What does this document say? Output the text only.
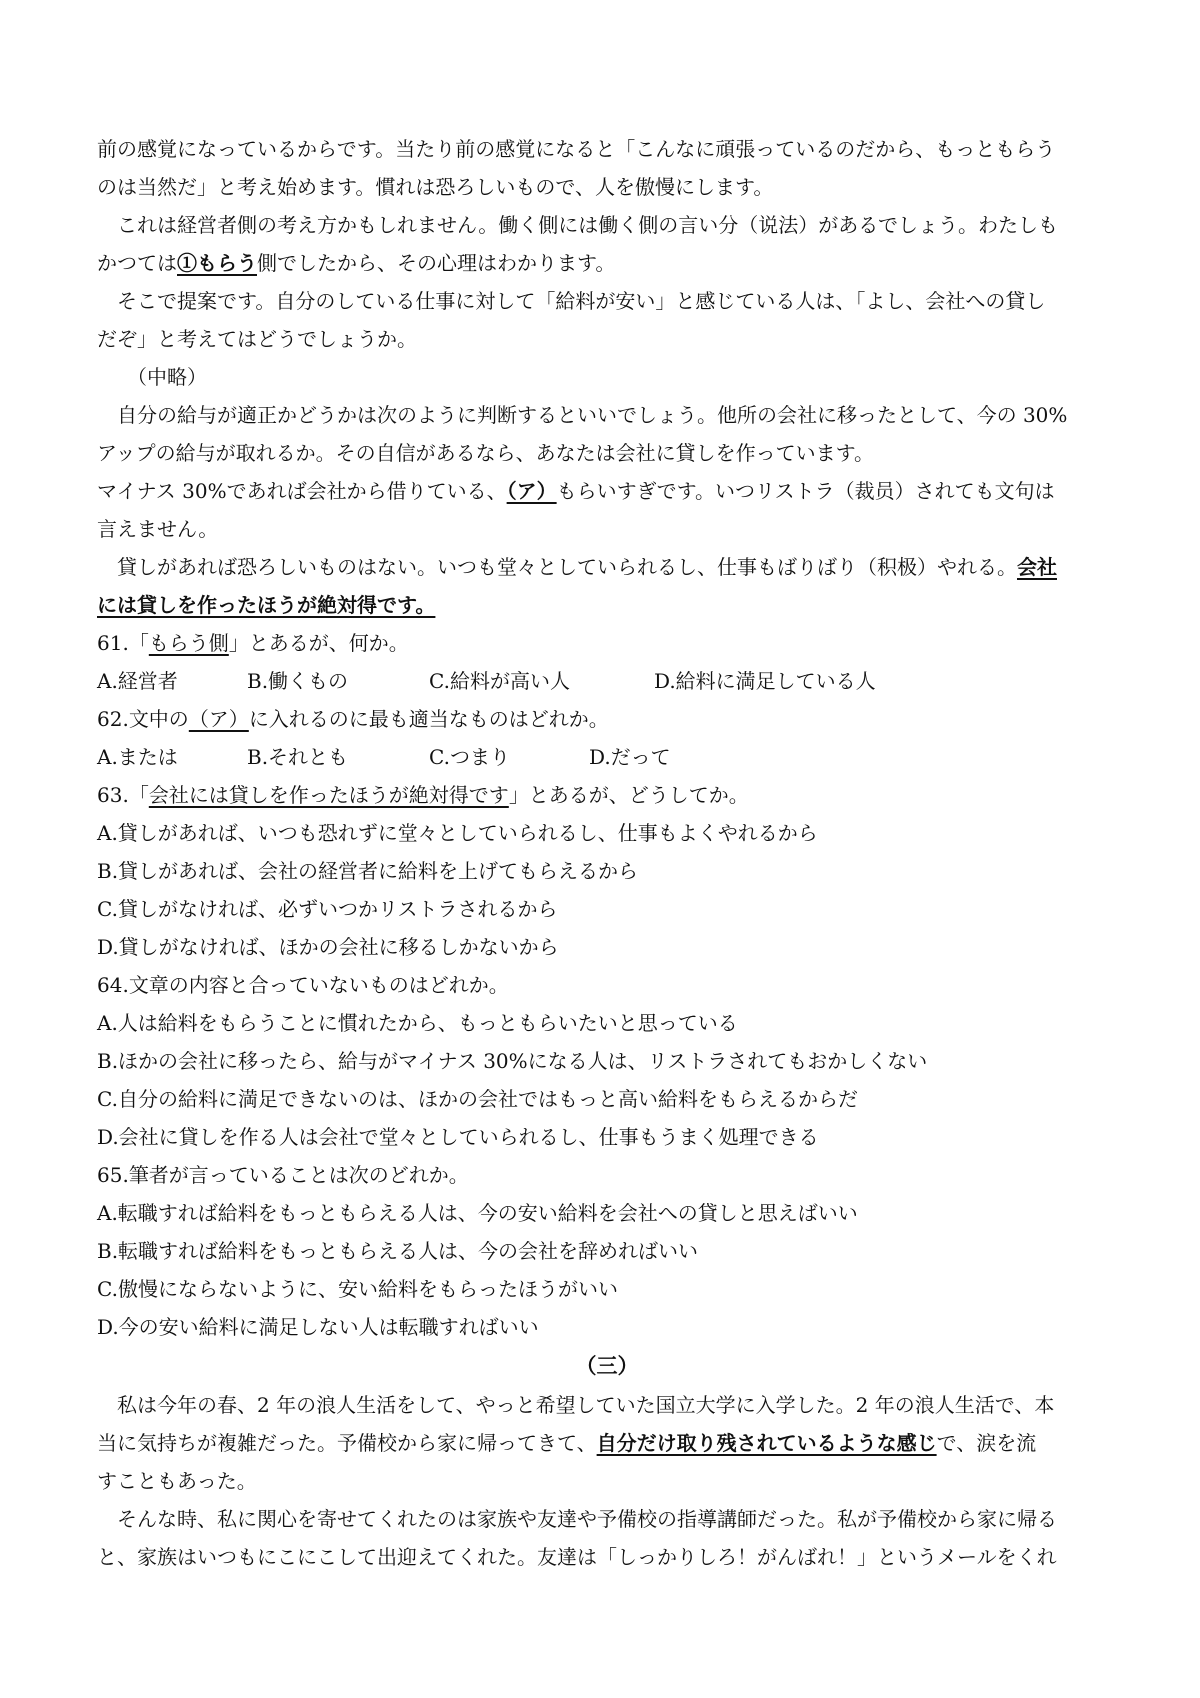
前の感覚になっているからです。当たり前の感覚になると「こんなに頑張っているのだから、もっともらう

のは当然だ」と考え始めます。慣れは恐ろしいもので、人を傲慢にします。

これは経営者側の考え方かもしれません。働く側には働く側の言い分（说法）があるでしょう。わたしも

かつては①もらう側でしたから、その心理はわかります。

そこで提案です。自分のしている仕事に対して「給料が安い」と感じている人は、「よし、会社への貸し

だぞ」と考えてはどうでしょうか。

（中略）

自分の給与が適正かどうかは次のように判断するといいでしょう。他所の会社に移ったとして、今の 30%

アップの給与が取れるか。その自信があるなら、あなたは会社に貸しを作っています。

マイナス 30%であれば会社から借りている、（ア）もらいすぎです。いつリストラ（裁员）されても文句は

言えません。

貸しがあれば恐ろしいものはない。いつも堂々としていられるし、仕事もばりばり（积极）やれる。会社

には貸しを作ったほうが絶対得です。

61.「もらう側」とあるが、何か。

A.経営者	B.働くもの	C.給料が高い人	D.給料に満足している人

62.文中の（ア）に入れるのに最も適当なものはどれか。

A.または	B.それとも	C.つまり	D.だって

63.「会社には貸しを作ったほうが絶対得です」とあるが、どうしてか。

A.貸しがあれば、いつも恐れずに堂々としていられるし、仕事もよくやれるから

B.貸しがあれば、会社の経営者に給料を上げてもらえるから

C.貸しがなければ、必ずいつかリストラされるから

D.貸しがなければ、ほかの会社に移るしかないから

64.文章の内容と合っていないものはどれか。

A.人は給料をもらうことに慣れたから、もっともらいたいと思っている

B.ほかの会社に移ったら、給与がマイナス 30%になる人は、リストラされてもおかしくない

C.自分の給料に満足できないのは、ほかの会社ではもっと高い給料をもらえるからだ

D.会社に貸しを作る人は会社で堂々としていられるし、仕事もうまく処理できる

65.筆者が言っていることは次のどれか。

A.転職すれば給料をもっともらえる人は、今の安い給料を会社への貸しと思えばいい

B.転職すれば給料をもっともらえる人は、今の会社を辞めればいい

C.傲慢にならないように、安い給料をもらったほうがいい

D.今の安い給料に満足しない人は転職すればいい

（三）

私は今年の春、2 年の浪人生活をして、やっと希望していた国立大学に入学した。2 年の浪人生活で、本

当に気持ちが複雑だった。予備校から家に帰ってきて、自分だけ取り残されているような感じで、涙を流

すこともあった。

そんな時、私に関心を寄せてくれたのは家族や友達や予備校の指導講師だった。私が予備校から家に帰る

と、家族はいつもにこにこして出迎えてくれた。友達は「しっかりしろ！がんばれ！」というメールをくれ
